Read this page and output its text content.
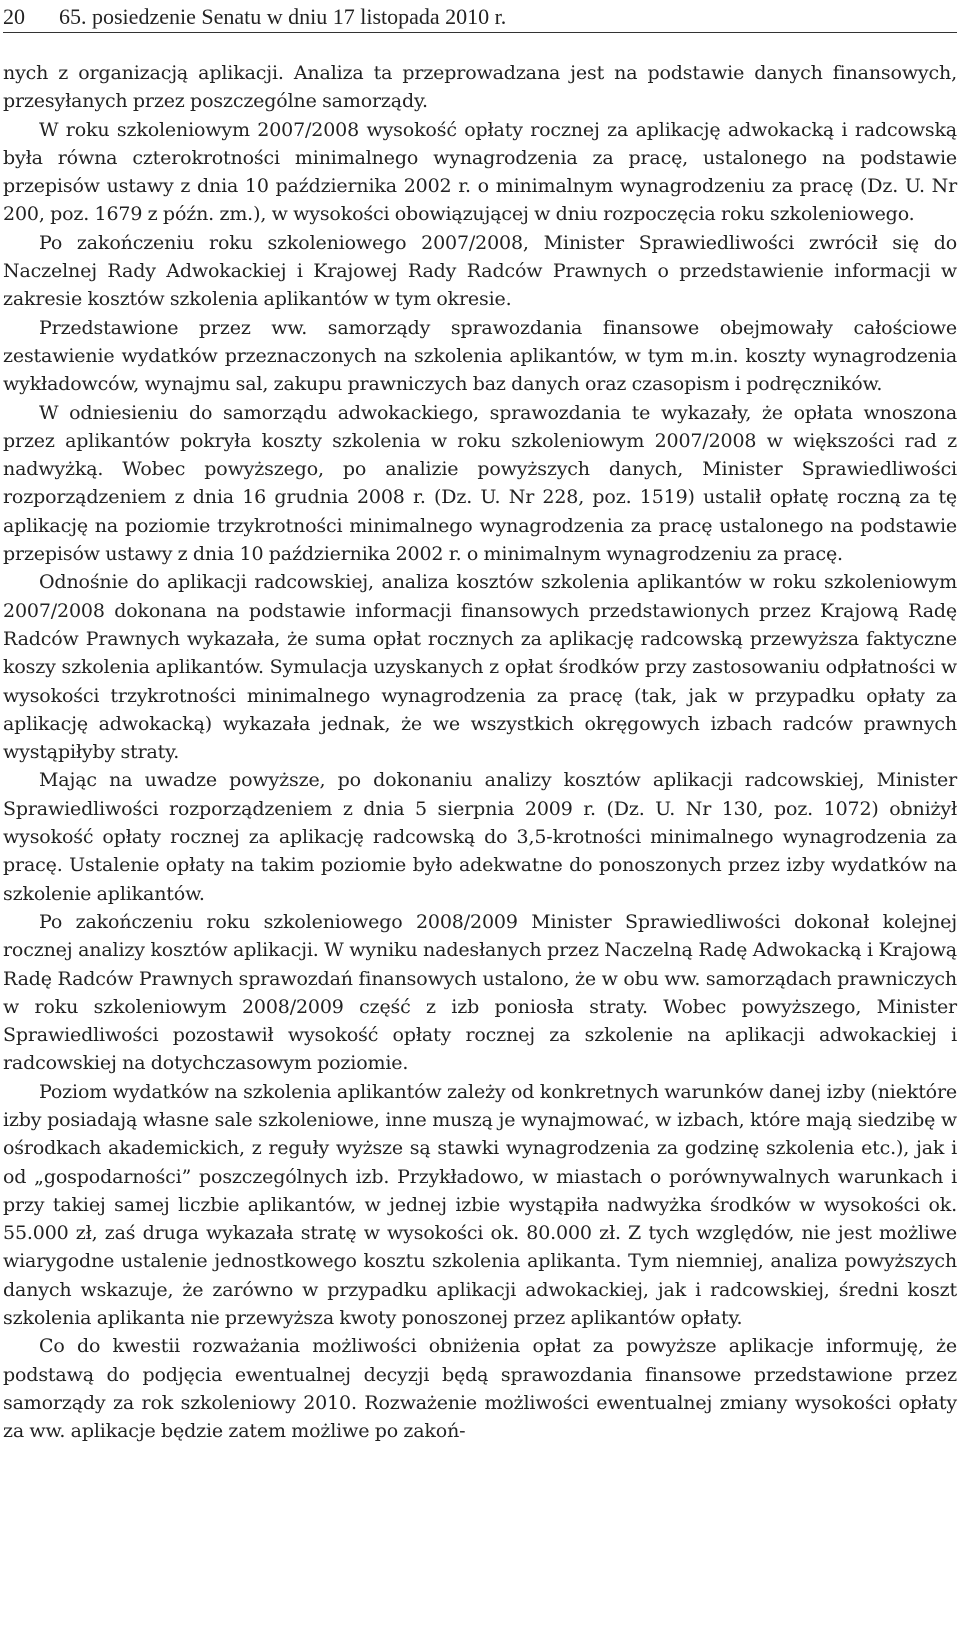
20	65. posiedzenie Senatu w dniu 17 listopada 2010 r.

nych z organizacją aplikacji. Analiza ta przeprowadzana jest na podstawie danych finansowych, przesyłanych przez poszczególne samorządy.

W roku szkoleniowym 2007/2008 wysokość opłaty rocznej za aplikację adwokacką i radcowską była równa czterokrotności minimalnego wynagrodzenia za pracę, ustalonego na podstawie przepisów ustawy z dnia 10 października 2002 r. o minimalnym wynagrodzeniu za pracę (Dz. U. Nr 200, poz. 1679 z późn. zm.), w wysokości obowiązującej w dniu rozpoczęcia roku szkoleniowego.

Po zakończeniu roku szkoleniowego 2007/2008, Minister Sprawiedliwości zwrócił się do Naczelnej Rady Adwokackiej i Krajowej Rady Radców Prawnych o przedstawienie informacji w zakresie kosztów szkolenia aplikantów w tym okresie.

Przedstawione przez ww. samorządy sprawozdania finansowe obejmowały całościowe zestawienie wydatków przeznaczonych na szkolenia aplikantów, w tym m.in. koszty wynagrodzenia wykładowców, wynajmu sal, zakupu prawniczych baz danych oraz czasopism i podręczników.

W odniesieniu do samorządu adwokackiego, sprawozdania te wykazały, że opłata wnoszona przez aplikantów pokryła koszty szkolenia w roku szkoleniowym 2007/2008 w większości rad z nadwyżką. Wobec powyższego, po analizie powyższych danych, Minister Sprawiedliwości rozporządzeniem z dnia 16 grudnia 2008 r. (Dz. U. Nr 228, poz. 1519) ustalił opłatę roczną za tę aplikację na poziomie trzykrotności minimalnego wynagrodzenia za pracę ustalonego na podstawie przepisów ustawy z dnia 10 października 2002 r. o minimalnym wynagrodzeniu za pracę.

Odnośnie do aplikacji radcowskiej, analiza kosztów szkolenia aplikantów w roku szkoleniowym 2007/2008 dokonana na podstawie informacji finansowych przedstawionych przez Krajową Radę Radców Prawnych wykazała, że suma opłat rocznych za aplikację radcowską przewyższa faktyczne koszy szkolenia aplikantów. Symulacja uzyskanych z opłat środków przy zastosowaniu odpłatności w wysokości trzykrotności minimalnego wynagrodzenia za pracę (tak, jak w przypadku opłaty za aplikację adwokacką) wykazała jednak, że we wszystkich okręgowych izbach radców prawnych wystąpiłyby straty.

Mając na uwadze powyższe, po dokonaniu analizy kosztów aplikacji radcowskiej, Minister Sprawiedliwości rozporządzeniem z dnia 5 sierpnia 2009 r. (Dz. U. Nr 130, poz. 1072) obniżył wysokość opłaty rocznej za aplikację radcowską do 3,5-krotności minimalnego wynagrodzenia za pracę. Ustalenie opłaty na takim poziomie było adekwatne do ponoszonych przez izby wydatków na szkolenie aplikantów.

Po zakończeniu roku szkoleniowego 2008/2009 Minister Sprawiedliwości dokonał kolejnej rocznej analizy kosztów aplikacji. W wyniku nadesłanych przez Naczelną Radę Adwokacką i Krajową Radę Radców Prawnych sprawozdań finansowych ustalono, że w obu ww. samorządach prawniczych w roku szkoleniowym 2008/2009 część z izb poniosła straty. Wobec powyższego, Minister Sprawiedliwości pozostawił wysokość opłaty rocznej za szkolenie na aplikacji adwokackiej i radcowskiej na dotychczasowym poziomie.

Poziom wydatków na szkolenia aplikantów zależy od konkretnych warunków danej izby (niektóre izby posiadają własne sale szkoleniowe, inne muszą je wynajmować, w izbach, które mają siedzibę w ośrodkach akademickich, z reguły wyższe są stawki wynagrodzenia za godzinę szkolenia etc.), jak i od „gospodarności” poszczególnych izb. Przykładowo, w miastach o porównywalnych warunkach i przy takiej samej liczbie aplikantów, w jednej izbie wystąpiła nadwyżka środków w wysokości ok. 55.000 zł, zaś druga wykazała stratę w wysokości ok. 80.000 zł. Z tych względów, nie jest możliwe wiarygodne ustalenie jednostkowego kosztu szkolenia aplikanta. Tym niemniej, analiza powyższych danych wskazuje, że zarówno w przypadku aplikacji adwokackiej, jak i radcowskiej, średni koszt szkolenia aplikanta nie przewyższa kwoty ponoszonej przez aplikantów opłaty.

Co do kwestii rozważania możliwości obniżenia opłat za powyższe aplikacje informuję, że podstawą do podjęcia ewentualnej decyzji będą sprawozdania finansowe przedstawione przez samorządy za rok szkoleniowy 2010. Rozważenie możliwości ewentualnej zmiany wysokości opłaty za ww. aplikacje będzie zatem możliwe po zakoń-
